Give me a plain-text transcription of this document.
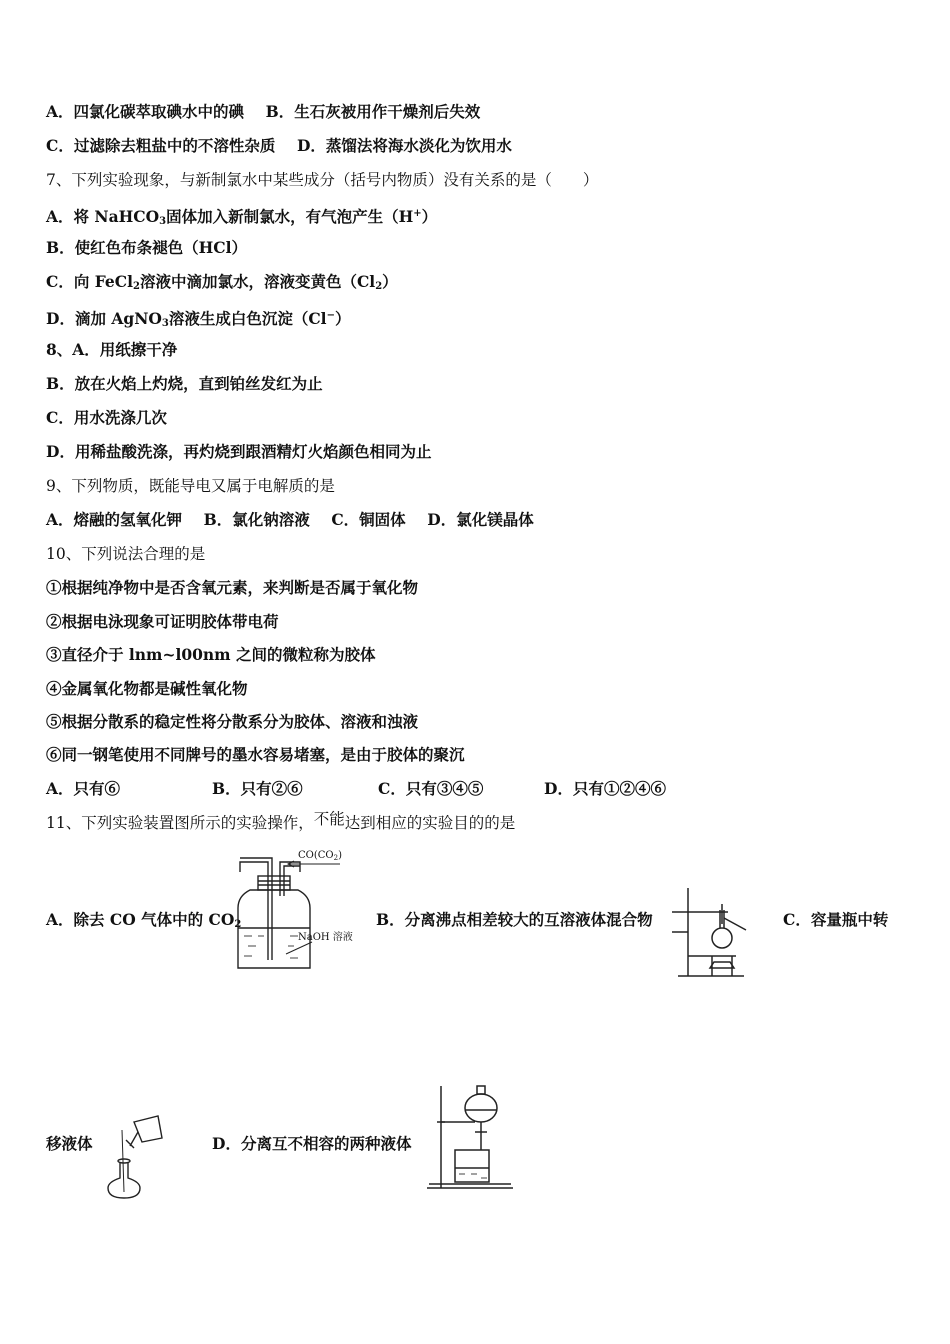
A．四氯化碳萃取碘水中的碘 B．生石灰被用作干燥剂后失效
C．过滤除去粗盐中的不溶性杂质 D．蒸馏法将海水淡化为饮用水
7、下列实验现象，与新制氯水中某些成分（括号内物质）没有关系的是（　　）
A．将 NaHCO$_3$固体加入新制氯水，有气泡产生（H+）
B．使红色布条褪色（HCl）
C．向 FeCl$_2$溶液中滴加氯水，溶液变黄色$(Cl_2)$
D．滴加 AgNO$_3$溶液生成白色沉淀（Cl−）
8、A．用纸擦干净
B．放在火焰上灼烧，直到铂丝发红为止
C．用水洗涤几次
D．用稀盐酸洗涤，再灼烧到跟酒精灯火焰颜色相同为止
9、下列物质，既能导电又属于电解质的是
A．熔融的氢氧化钾 B．氯化钠溶液 C．铜固体 D．氯化镁晶体
10、下列说法合理的是
①根据纯净物中是否含氧元素，来判断是否属于氧化物
②根据电泳现象可证明胶体带电荷
③直径介于 lnm~l00nm 之间的微粒称为胶体
④金属氧化物都是碱性氧化物
⑤根据分散系的稳定性将分散系分为胶体、溶液和浊液
⑥同一钢笔使用不同牌号的墨水容易堵塞，是由于胶体的聚沉
A．只有⑥	B．只有②⑥	C．只有③④⑤	D．只有①②④⑥
11、下列实验装置图所示的实验操作，不能达到相应的实验目的的是
A．除去 CO 气体中的 $CO_2$	B．分离沸点相差较大的互溶液体混合物	C．容量瓶中转
移液体	D．分离互不相容的两种液体
$CO(CO_2)$
NaOH 溶液
